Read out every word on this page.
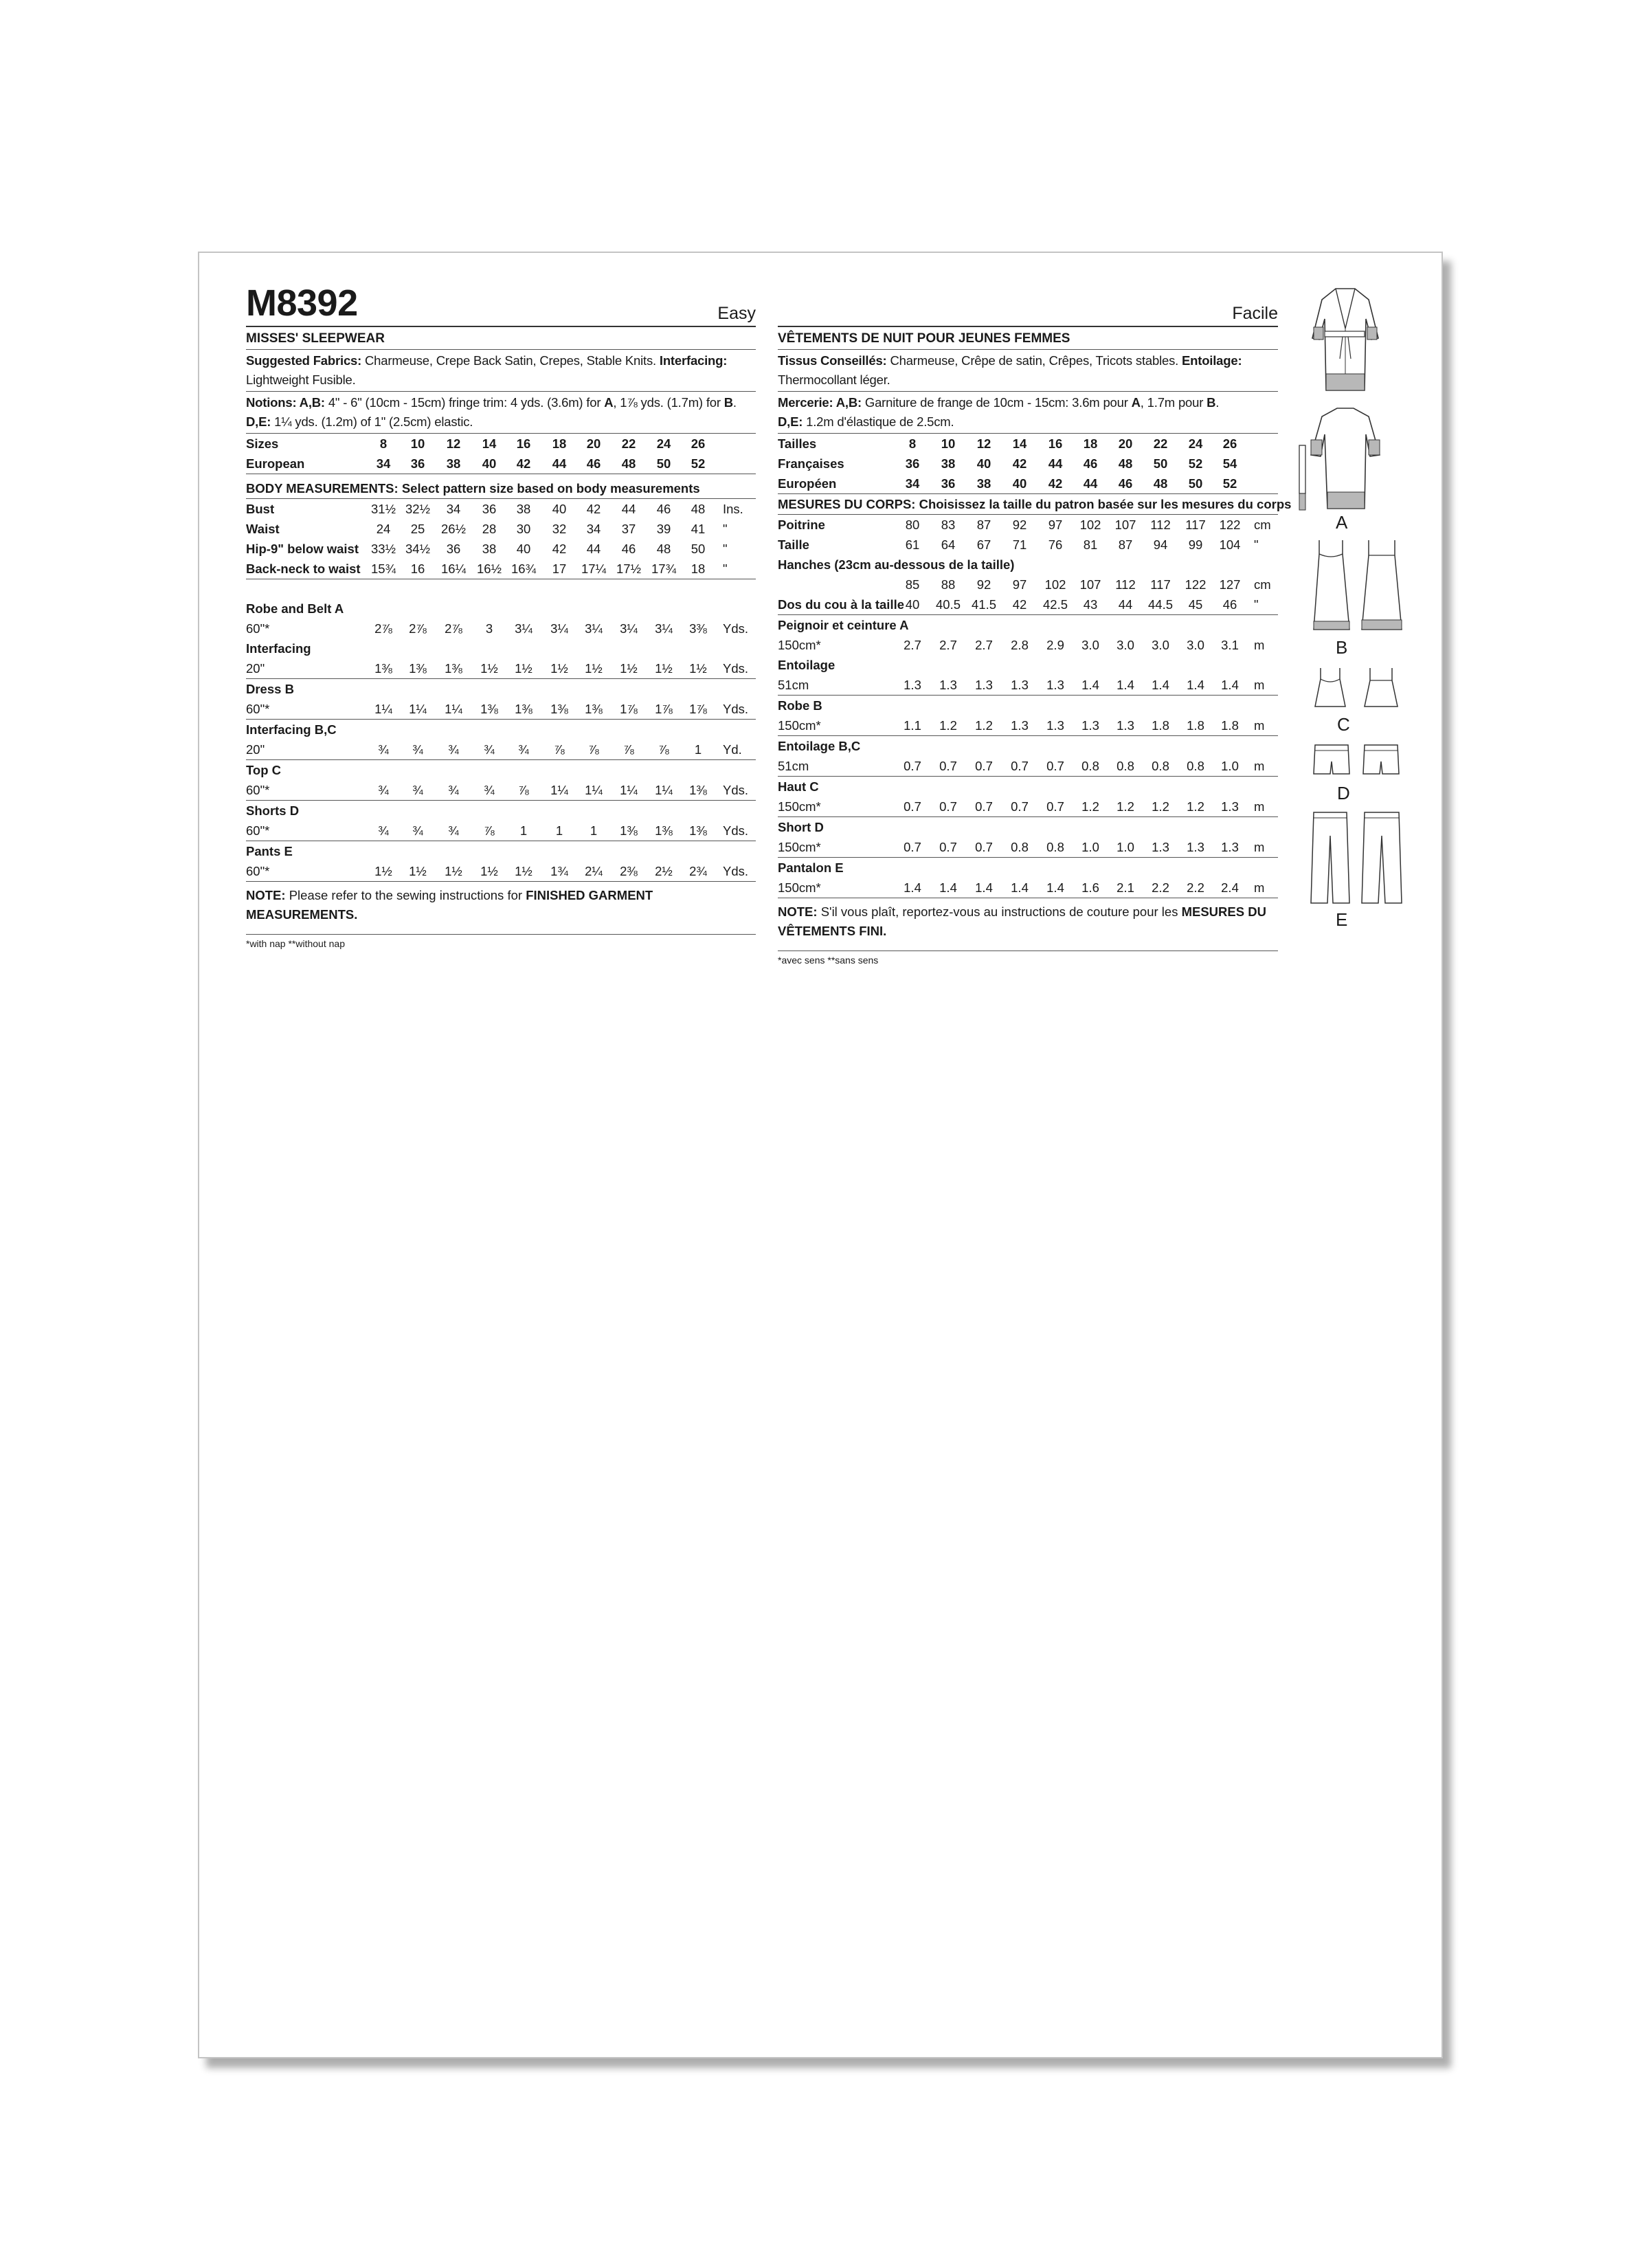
M8392	Easy
MISSES' SLEEPWEAR
Suggested Fabrics: Charmeuse, Crepe Back Satin, Crepes, Stable Knits. Interfacing: Lightweight Fusible.
Notions: A,B: 4" - 6" (10cm - 15cm) fringe trim: 4 yds. (3.6m) for A, 1⅞ yds. (1.7m) for B.
D,E: 1¼ yds. (1.2m) of 1" (2.5cm) elastic.
Sizes	8 10 12 14 16 18 20 22 24 26
European	34 36 38 40 42 44 46 48 50 52
BODY MEASUREMENTS: Select pattern size based on body measurements
Bust	31½ 32½ 34 36 38 40 42 44 46 48 Ins.
Waist	24 25 26½ 28 30 32 34 37 39 41 "
Hip-9" below waist 33½ 34½ 36 38 40 42 44 46 48 50 "
Back-neck to waist 15¾ 16 16¼ 16½ 16¾ 17 17¼ 17½ 17¾ 18 "
Robe and Belt A
60"*	2⅞ 2⅞ 2⅞ 3 3¼ 3¼ 3¼ 3¼ 3¼ 3⅜ Yds.
Interfacing
20"	1⅜ 1⅜ 1⅜ 1½ 1½ 1½ 1½ 1½ 1½ 1½ Yds.
Dress B
60"*	1¼ 1¼ 1¼ 1⅜ 1⅜ 1⅜ 1⅜ 1⅞ 1⅞ 1⅞ Yds.
Interfacing B,C
20"	¾ ¾ ¾ ¾ ¾ ⅞ ⅞ ⅞ ⅞ 1 Yd.
Top C
60"*	¾ ¾ ¾ ¾ ⅞ 1¼ 1¼ 1¼ 1¼ 1⅜ Yds.
Shorts D
60"*	¾ ¾ ¾ ⅞ 1 1 1 1⅜ 1⅜ 1⅜ Yds.
Pants E
60"*	1½ 1½ 1½ 1½ 1½ 1¾ 2¼ 2⅜ 2½ 2¾ Yds.
NOTE: Please refer to the sewing instructions for FINISHED GARMENT MEASUREMENTS.
*with nap **without nap
Facile
VÊTEMENTS DE NUIT POUR JEUNES FEMMES
Tissus Conseillés: Charmeuse, Crêpe de satin, Crêpes, Tricots stables. Entoilage: Thermocollant léger.
Mercerie: A,B: Garniture de frange de 10cm - 15cm: 3.6m pour A, 1.7m pour B.
D,E: 1.2m d'élastique de 2.5cm.
Tailles	8 10 12 14 16 18 20 22 24 26
Françaises	36 38 40 42 44 46 48 50 52 54
Européen	34 36 38 40 42 44 46 48 50 52
MESURES DU CORPS: Choisissez la taille du patron basée sur les mesures du corps
Poitrine	80 83 87 92 97 102 107 112 117 122 cm
Taille	61 64 67 71 76 81 87 94 99 104 "
Hanches (23cm au-dessous de la taille)
85 88 92 97 102 107 112 117 122 127 cm
Dos du cou à la taille 40 40.5 41.5 42 42.5 43 44 44.5 45 46 "
Peignoir et ceinture A
150cm*	2.7 2.7 2.7 2.8 2.9 3.0 3.0 3.0 3.0 3.1 m
Entoilage
51cm	1.3 1.3 1.3 1.3 1.3 1.4 1.4 1.4 1.4 1.4 m
Robe B
150cm*	1.1 1.2 1.2 1.3 1.3 1.3 1.3 1.8 1.8 1.8 m
Entoilage B,C
51cm	0.7 0.7 0.7 0.7 0.7 0.8 0.8 0.8 0.8 1.0 m
Haut C
150cm*	0.7 0.7 0.7 0.7 0.7 1.2 1.2 1.2 1.2 1.3 m
Short D
150cm*	0.7 0.7 0.7 0.8 0.8 1.0 1.0 1.3 1.3 1.3 m
Pantalon E
150cm*	1.4 1.4 1.4 1.4 1.4 1.6 2.1 2.2 2.2 2.4 m
NOTE: S'il vous plaît, reportez-vous au instructions de couture pour les MESURES DU VÊTEMENTS FINI.
*avec sens **sans sens
A
B
C
D
E
